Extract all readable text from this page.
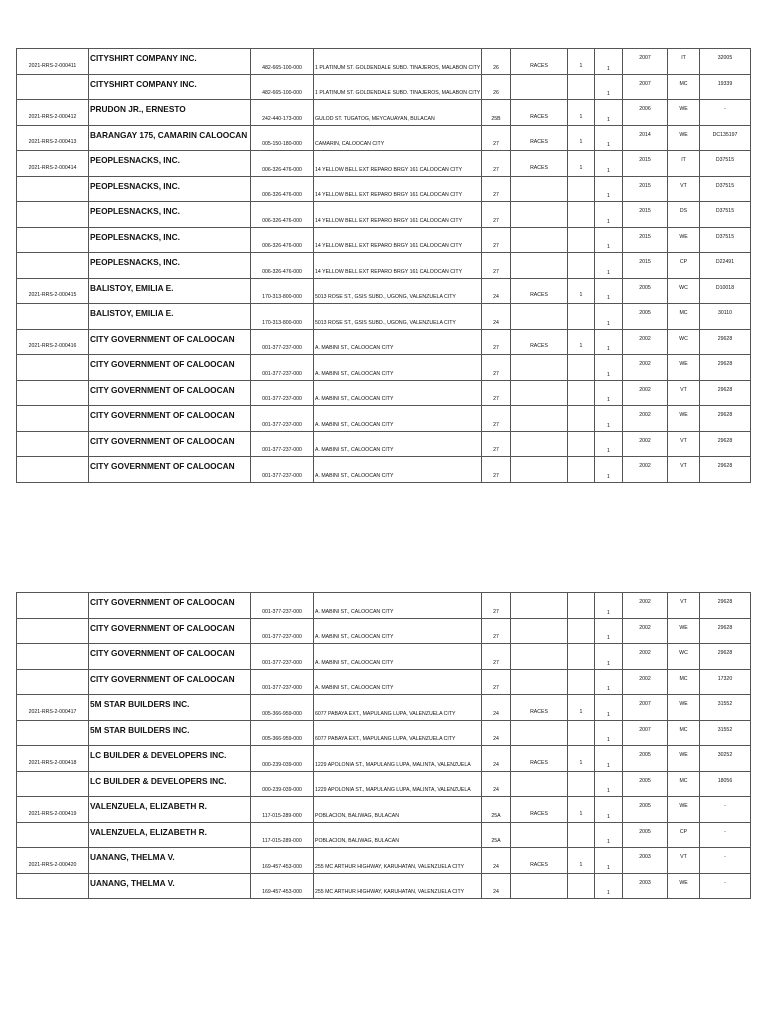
2021-RRS-2-000411	CITYSHIRT COMPANY INC.	482-665-100-000	1 PLATINUM ST. GOLDENDALE SUBD. TINAJEROS, MALABON CITY	26	RACES	1	1	2007	IT	32005
	CITYSHIRT COMPANY INC.	482-665-100-000	1 PLATINUM ST. GOLDENDALE SUBD. TINAJEROS, MALABON CITY	26			1	2007	MC	19339
2021-RRS-2-000412	PRUDON JR., ERNESTO	242-440-173-000	GULOD ST. TUGATOG, MEYCAUAYAN, BULACAN	25B	RACES	1	1	2006	WE	-
2021-RRS-2-000413	BARANGAY 175, CAMARIN CALOOCAN	005-150-180-000	CAMARIN, CALOOCAN CITY	27	RACES	1	1	2014	WE	DC135197
2021-RRS-2-000414	PEOPLESNACKS, INC.	006-326-476-000	14 YELLOW BELL EXT REPARO BRGY 161 CALOOCAN CITY	27	RACES	1	1	2015	IT	D37515
	PEOPLESNACKS, INC.	006-326-476-000	14 YELLOW BELL EXT REPARO BRGY 161 CALOOCAN CITY	27			1	2015	VT	D37515
	PEOPLESNACKS, INC.	006-326-476-000	14 YELLOW BELL EXT REPARO BRGY 161 CALOOCAN CITY	27			1	2015	DS	D37515
	PEOPLESNACKS, INC.	006-326-476-000	14 YELLOW BELL EXT REPARO BRGY 161 CALOOCAN CITY	27			1	2015	WE	D37515
	PEOPLESNACKS, INC.	006-326-476-000	14 YELLOW BELL EXT REPARO BRGY 161 CALOOCAN CITY	27			1	2015	CP	D22491
2021-RRS-2-000415	BALISTOY, EMILIA E.	170-313-800-000	5013 ROSE ST., GSIS SUBD., UGONG, VALENZUELA CITY	24	RACES	1	1	2005	WC	D10018
	BALISTOY, EMILIA E.	170-313-800-000	5013 ROSE ST., GSIS SUBD., UGONG, VALENZUELA CITY	24			1	2005	MC	30110
2021-RRS-2-000416	CITY GOVERNMENT OF CALOOCAN	001-377-237-000	A. MABINI ST., CALOOCAN CITY	27	RACES	1	1	2002	WC	29628
	CITY GOVERNMENT OF CALOOCAN	001-377-237-000	A. MABINI ST., CALOOCAN CITY	27			1	2002	WE	29628
	CITY GOVERNMENT OF CALOOCAN	001-377-237-000	A. MABINI ST., CALOOCAN CITY	27			1	2002	VT	29628
	CITY GOVERNMENT OF CALOOCAN	001-377-237-000	A. MABINI ST., CALOOCAN CITY	27			1	2002	WE	29628
	CITY GOVERNMENT OF CALOOCAN	001-377-237-000	A. MABINI ST., CALOOCAN CITY	27			1	2002	VT	29628
	CITY GOVERNMENT OF CALOOCAN	001-377-237-000	A. MABINI ST., CALOOCAN CITY	27			1	2002	VT	29628
	CITY GOVERNMENT OF CALOOCAN	001-377-237-000	A. MABINI ST., CALOOCAN CITY	27			1	2002	VT	29628
	CITY GOVERNMENT OF CALOOCAN	001-377-237-000	A. MABINI ST., CALOOCAN CITY	27			1	2002	WE	29628
	CITY GOVERNMENT OF CALOOCAN	001-377-237-000	A. MABINI ST., CALOOCAN CITY	27			1	2002	WC	29628
	CITY GOVERNMENT OF CALOOCAN	001-377-237-000	A. MABINI ST., CALOOCAN CITY	27			1	2002	MC	17320
2021-RRS-2-000417	5M STAR BUILDERS INC.	005-366-959-000	6077 PABAYA EXT., MAPULANG LUPA, VALENZUELA CITY	24	RACES	1	1	2007	WE	31552
	5M STAR BUILDERS INC.	005-366-959-000	6077 PABAYA EXT., MAPULANG LUPA, VALENZUELA CITY	24			1	2007	MC	31552
2021-RRS-2-000418	LC BUILDER & DEVELOPERS INC.	000-239-039-000	1229 APOLONIA ST., MAPULANG LUPA, MALINTA, VALENZUELA	24	RACES	1	1	2005	WE	30252
	LC BUILDER & DEVELOPERS INC.	000-239-039-000	1229 APOLONIA ST., MAPULANG LUPA, MALINTA, VALENZUELA	24			1	2005	MC	18056
2021-RRS-2-000419	VALENZUELA, ELIZABETH R.	117-015-289-000	POBLACION, BALIWAG, BULACAN	25A	RACES	1	1	2005	WE	-
	VALENZUELA, ELIZABETH R.	117-015-289-000	POBLACION, BALIWAG, BULACAN	25A			1	2005	CP	-
2021-RRS-2-000420	UANANG, THELMA V.	169-457-453-000	255 MC ARTHUR HIGHWAY, KARUHATAN, VALENZUELA CITY	24	RACES	1	1	2003	VT	-
	UANANG, THELMA V.	169-457-453-000	255 MC ARTHUR HIGHWAY, KARUHATAN, VALENZUELA CITY	24			1	2003	WE	-
